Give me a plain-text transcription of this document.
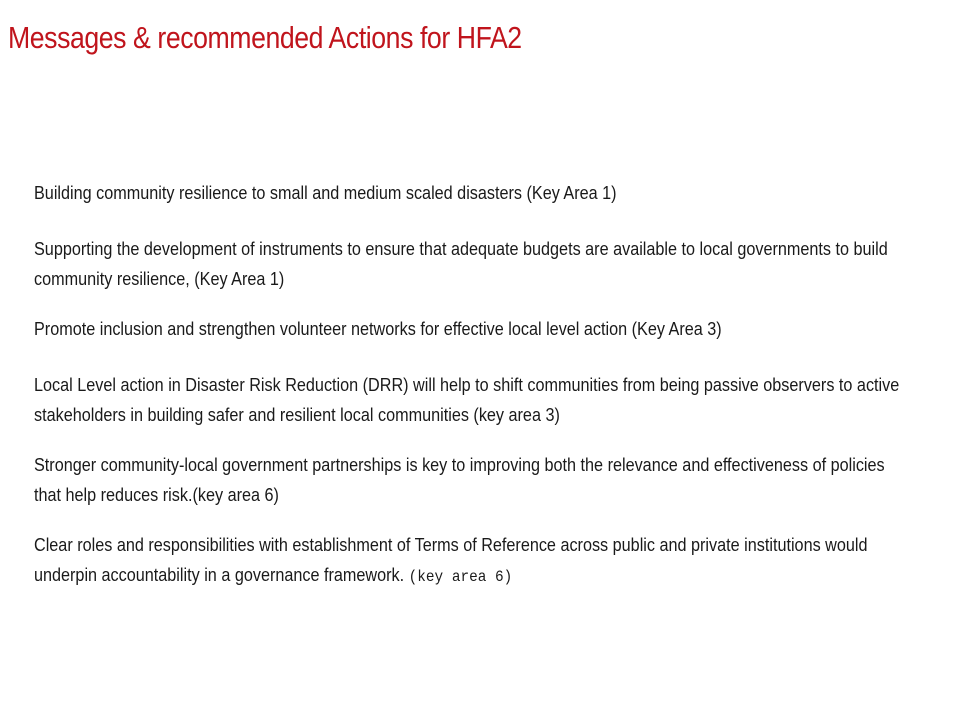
Messages & recommended Actions for HFA2

Building community resilience to small and medium scaled disasters (Key Area 1)

Supporting the development of instruments to ensure that adequate budgets are available to local governments to build community resilience, (Key Area 1)

Promote inclusion and strengthen volunteer networks for effective local level action (Key Area 3)

Local Level action in Disaster Risk Reduction (DRR) will help to shift communities from being passive observers to active stakeholders in building safer and resilient local communities (key area 3)

Stronger community-local government partnerships is key to improving both the relevance and effectiveness of policies that help reduces risk.(key area 6)

Clear roles and responsibilities with establishment of Terms of Reference across public and private institutions would underpin accountability in a governance framework. (key area 6)
